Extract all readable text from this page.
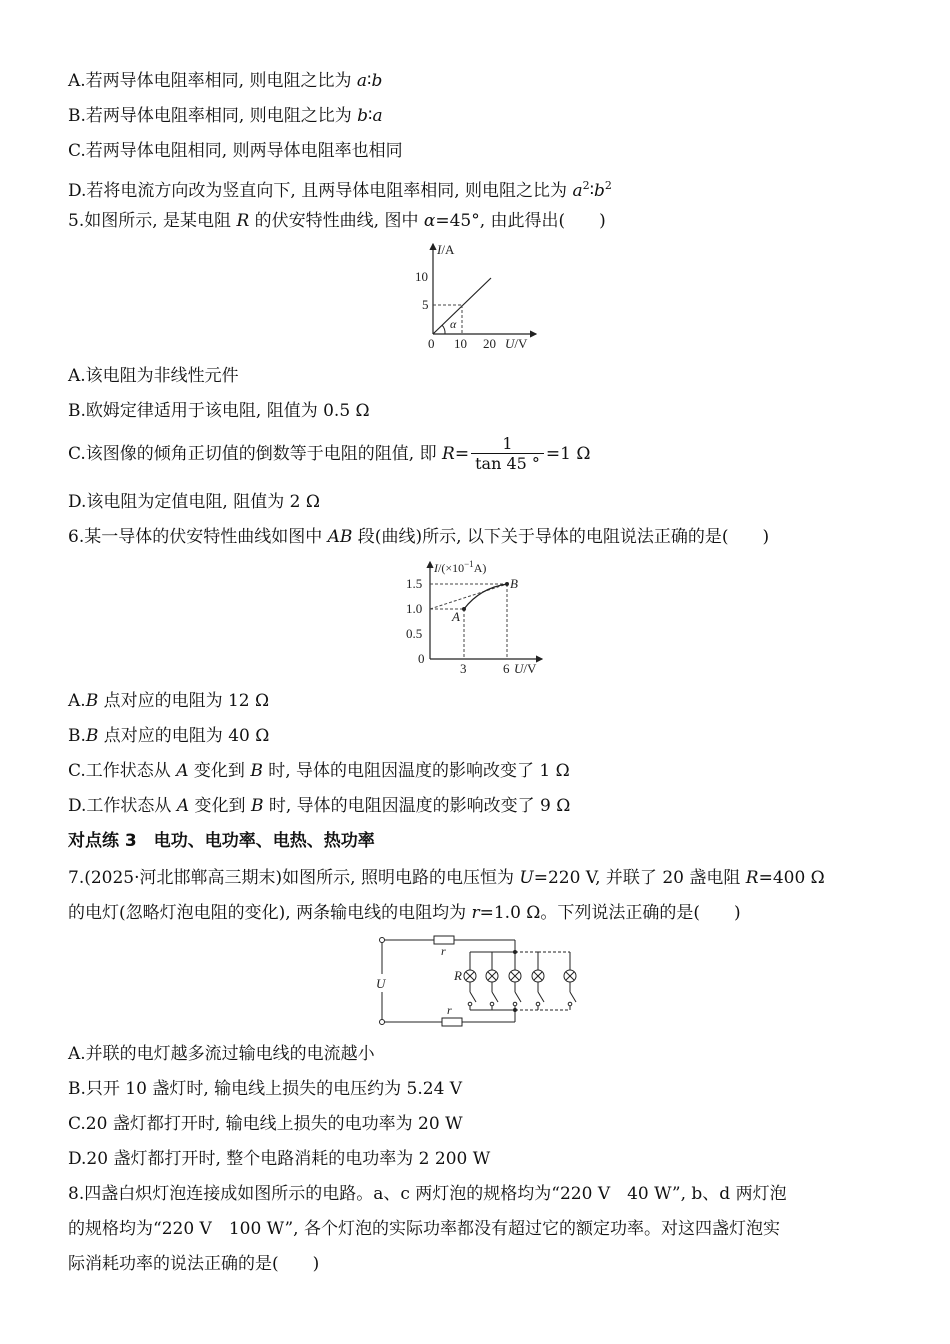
A.若两导体电阻率相同, 则电阻之比为 a∶b
B.若两导体电阻率相同, 则电阻之比为 b∶a
C.若两导体电阻相同, 则两导体电阻率也相同
D.若将电流方向改为竖直向下, 且两导体电阻率相同, 则电阻之比为 $a^2∶b^2$
5.如图所示, 是某电阻 R 的伏安特性曲线, 图中 α=45°, 由此得出(　　)
α
I/A
10
5
0 10 20 U/V
A.该电阻为非线性元件
B.欧姆定律适用于该电阻, 阻值为 0.5 Ω
C.该图像的倾角正切值的倒数等于电阻的阻值, 即 $R= \frac{1}{\tan 45 ^\circ} =1$ Ω
D.该电阻为定值电阻, 阻值为 2 Ω
6.某一导体的伏安特性曲线如图中 AB 段(曲线)所示, 以下关于导体的电阻说法正确的是(　　)
A
B
$I/(\times 10^{-1}A)$
1.5
1.0
0.5
0
3	6 U/V
A.B 点对应的电阻为 12 Ω
B.B 点对应的电阻为 40 Ω
C.工作状态从 A 变化到 B 时, 导体的电阻因温度的影响改变了 1 Ω
D.工作状态从 A 变化到 B 时, 导体的电阻因温度的影响改变了 9 Ω
对点练 3　电功、电功率、电热、热功率
7.(2025·河北邯郸高三期末)如图所示, 照明电路的电压恒为 U=220 V, 并联了 20 盏电阻 R=400 Ω
的电灯(忽略灯泡电阻的变化), 两条输电线的电阻均为 r=1.0 Ω。下列说法正确的是(　　)
U
r
r
R
A.并联的电灯越多流过输电线的电流越小
B.只开 10 盏灯时, 输电线上损失的电压约为 5.24 V
C.20 盏灯都打开时, 输电线上损失的电功率为 20 W
D.20 盏灯都打开时, 整个电路消耗的电功率为 2 200 W
8.四盏白炽灯泡连接成如图所示的电路。a、c 两灯泡的规格均为“220 V　40 W”, b、d 两灯泡
的规格均为“220 V　100 W”, 各个灯泡的实际功率都没有超过它的额定功率。对这四盏灯泡实
际消耗功率的说法正确的是(　　)
